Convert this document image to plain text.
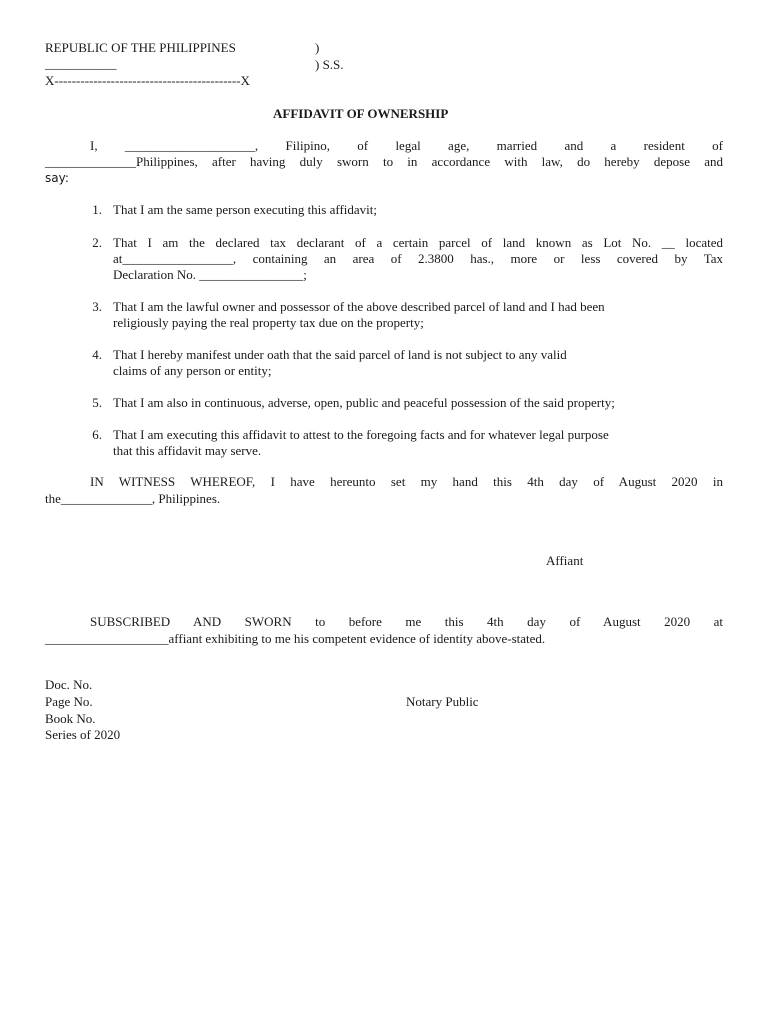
REPUBLIC OF THE PHILIPPINES	)
___________	) S.S.
X-------------------------------------------X
AFFIDAVIT OF OWNERSHIP
I, ____________________, Filipino, of legal age, married and a resident of
______________Philippines, after having duly sworn to in accordance with law, do hereby depose and
say:
1. That I am the same person executing this affidavit;
2. That I am the declared tax declarant of a certain parcel of land known as Lot No. __ located
at_________________, containing an area of 2.3800 has., more or less covered by Tax
Declaration No. ________________;
3. That I am the lawful owner and possessor of the above described parcel of land and I had been
religiously paying the real property tax due on the property;
4. That I hereby manifest under oath that the said parcel of land is not subject to any valid
claims of any person or entity;
5. That I am also in continuous, adverse, open, public and peaceful possession of the said property;
6. That I am executing this affidavit to attest to the foregoing facts and for whatever legal purpose
that this affidavit may serve.
IN WITNESS WHEREOF, I have hereunto set my hand this 4th day of August 2020 in
the______________, Philippines.
Affiant
SUBSCRIBED AND SWORN to before me this 4th day of August 2020 at
___________________affiant exhibiting to me his competent evidence of identity above-stated.
Doc. No.
Page No.	Notary Public
Book No.
Series of 2020
